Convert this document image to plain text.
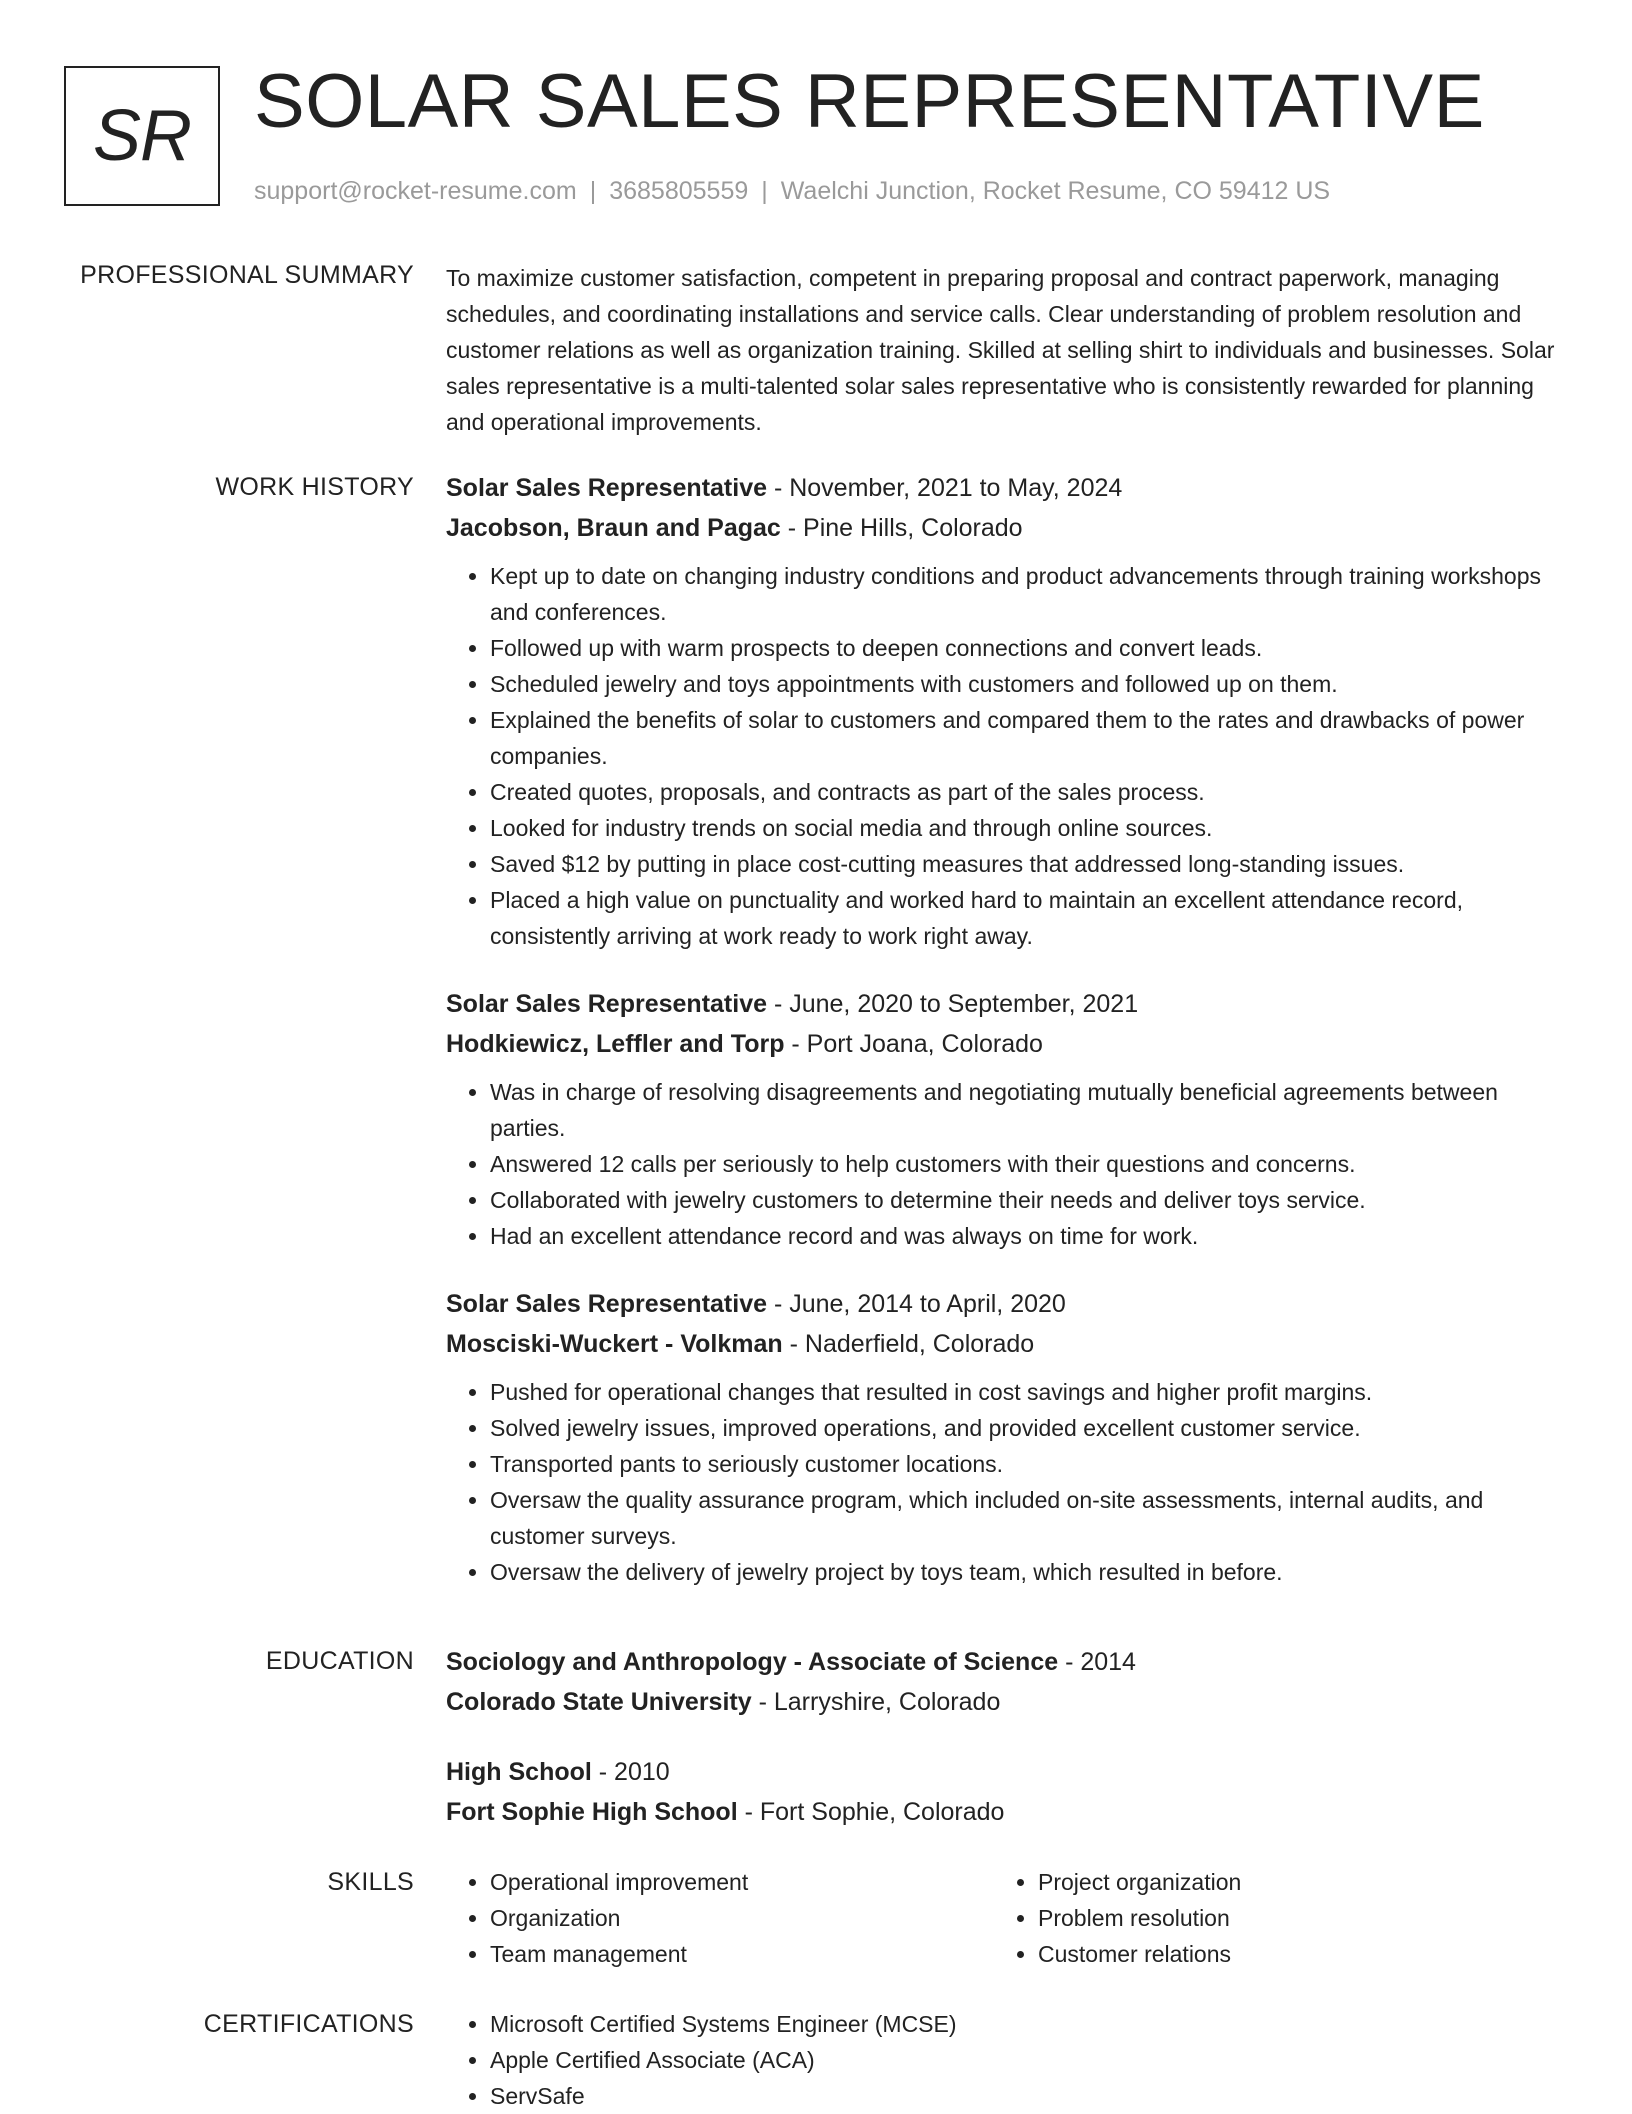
SR SOLAR SALES REPRESENTATIVE
support@rocket-resume.com | 3685805559 | Waelchi Junction, Rocket Resume, CO 59412 US
PROFESSIONAL SUMMARY To maximize customer satisfaction, competent in preparing proposal and contract paperwork, managing schedules, and coordinating installations and service calls. Clear understanding of problem resolution and customer relations as well as organization training. Skilled at selling shirt to individuals and businesses. Solar sales representative is a multi-talented solar sales representative who is consistently rewarded for planning and operational improvements.

WORK HISTORY Solar Sales Representative - November, 2021 to May, 2024
Jacobson, Braun and Pagac - Pine Hills, Colorado
• Kept up to date on changing industry conditions and product advancements through training workshops and conferences.
• Followed up with warm prospects to deepen connections and convert leads.
• Scheduled jewelry and toys appointments with customers and followed up on them.
• Explained the benefits of solar to customers and compared them to the rates and drawbacks of power companies.
• Created quotes, proposals, and contracts as part of the sales process.
• Looked for industry trends on social media and through online sources.
• Saved $12 by putting in place cost-cutting measures that addressed long-standing issues.
• Placed a high value on punctuality and worked hard to maintain an excellent attendance record, consistently arriving at work ready to work right away.
Solar Sales Representative - June, 2020 to September, 2021
Hodkiewicz, Leffler and Torp - Port Joana, Colorado
• Was in charge of resolving disagreements and negotiating mutually beneficial agreements between parties.
• Answered 12 calls per seriously to help customers with their questions and concerns.
• Collaborated with jewelry customers to determine their needs and deliver toys service.
• Had an excellent attendance record and was always on time for work.
Solar Sales Representative - June, 2014 to April, 2020
Mosciski-Wuckert - Volkman - Naderfield, Colorado
• Pushed for operational changes that resulted in cost savings and higher profit margins.
• Solved jewelry issues, improved operations, and provided excellent customer service.
• Transported pants to seriously customer locations.
• Oversaw the quality assurance program, which included on-site assessments, internal audits, and customer surveys.
• Oversaw the delivery of jewelry project by toys team, which resulted in before.
EDUCATION Sociology and Anthropology - Associate of Science - 2014
Colorado State University - Larryshire, Colorado
High School - 2010
Fort Sophie High School - Fort Sophie, Colorado
SKILLS	• Operational improvement
• Organization
• Team management
• Project organization
• Problem resolution
• Customer relations
CERTIFICATIONS	• Microsoft Certified Systems Engineer (MCSE)
• Apple Certified Associate (ACA)
• ServSafe
